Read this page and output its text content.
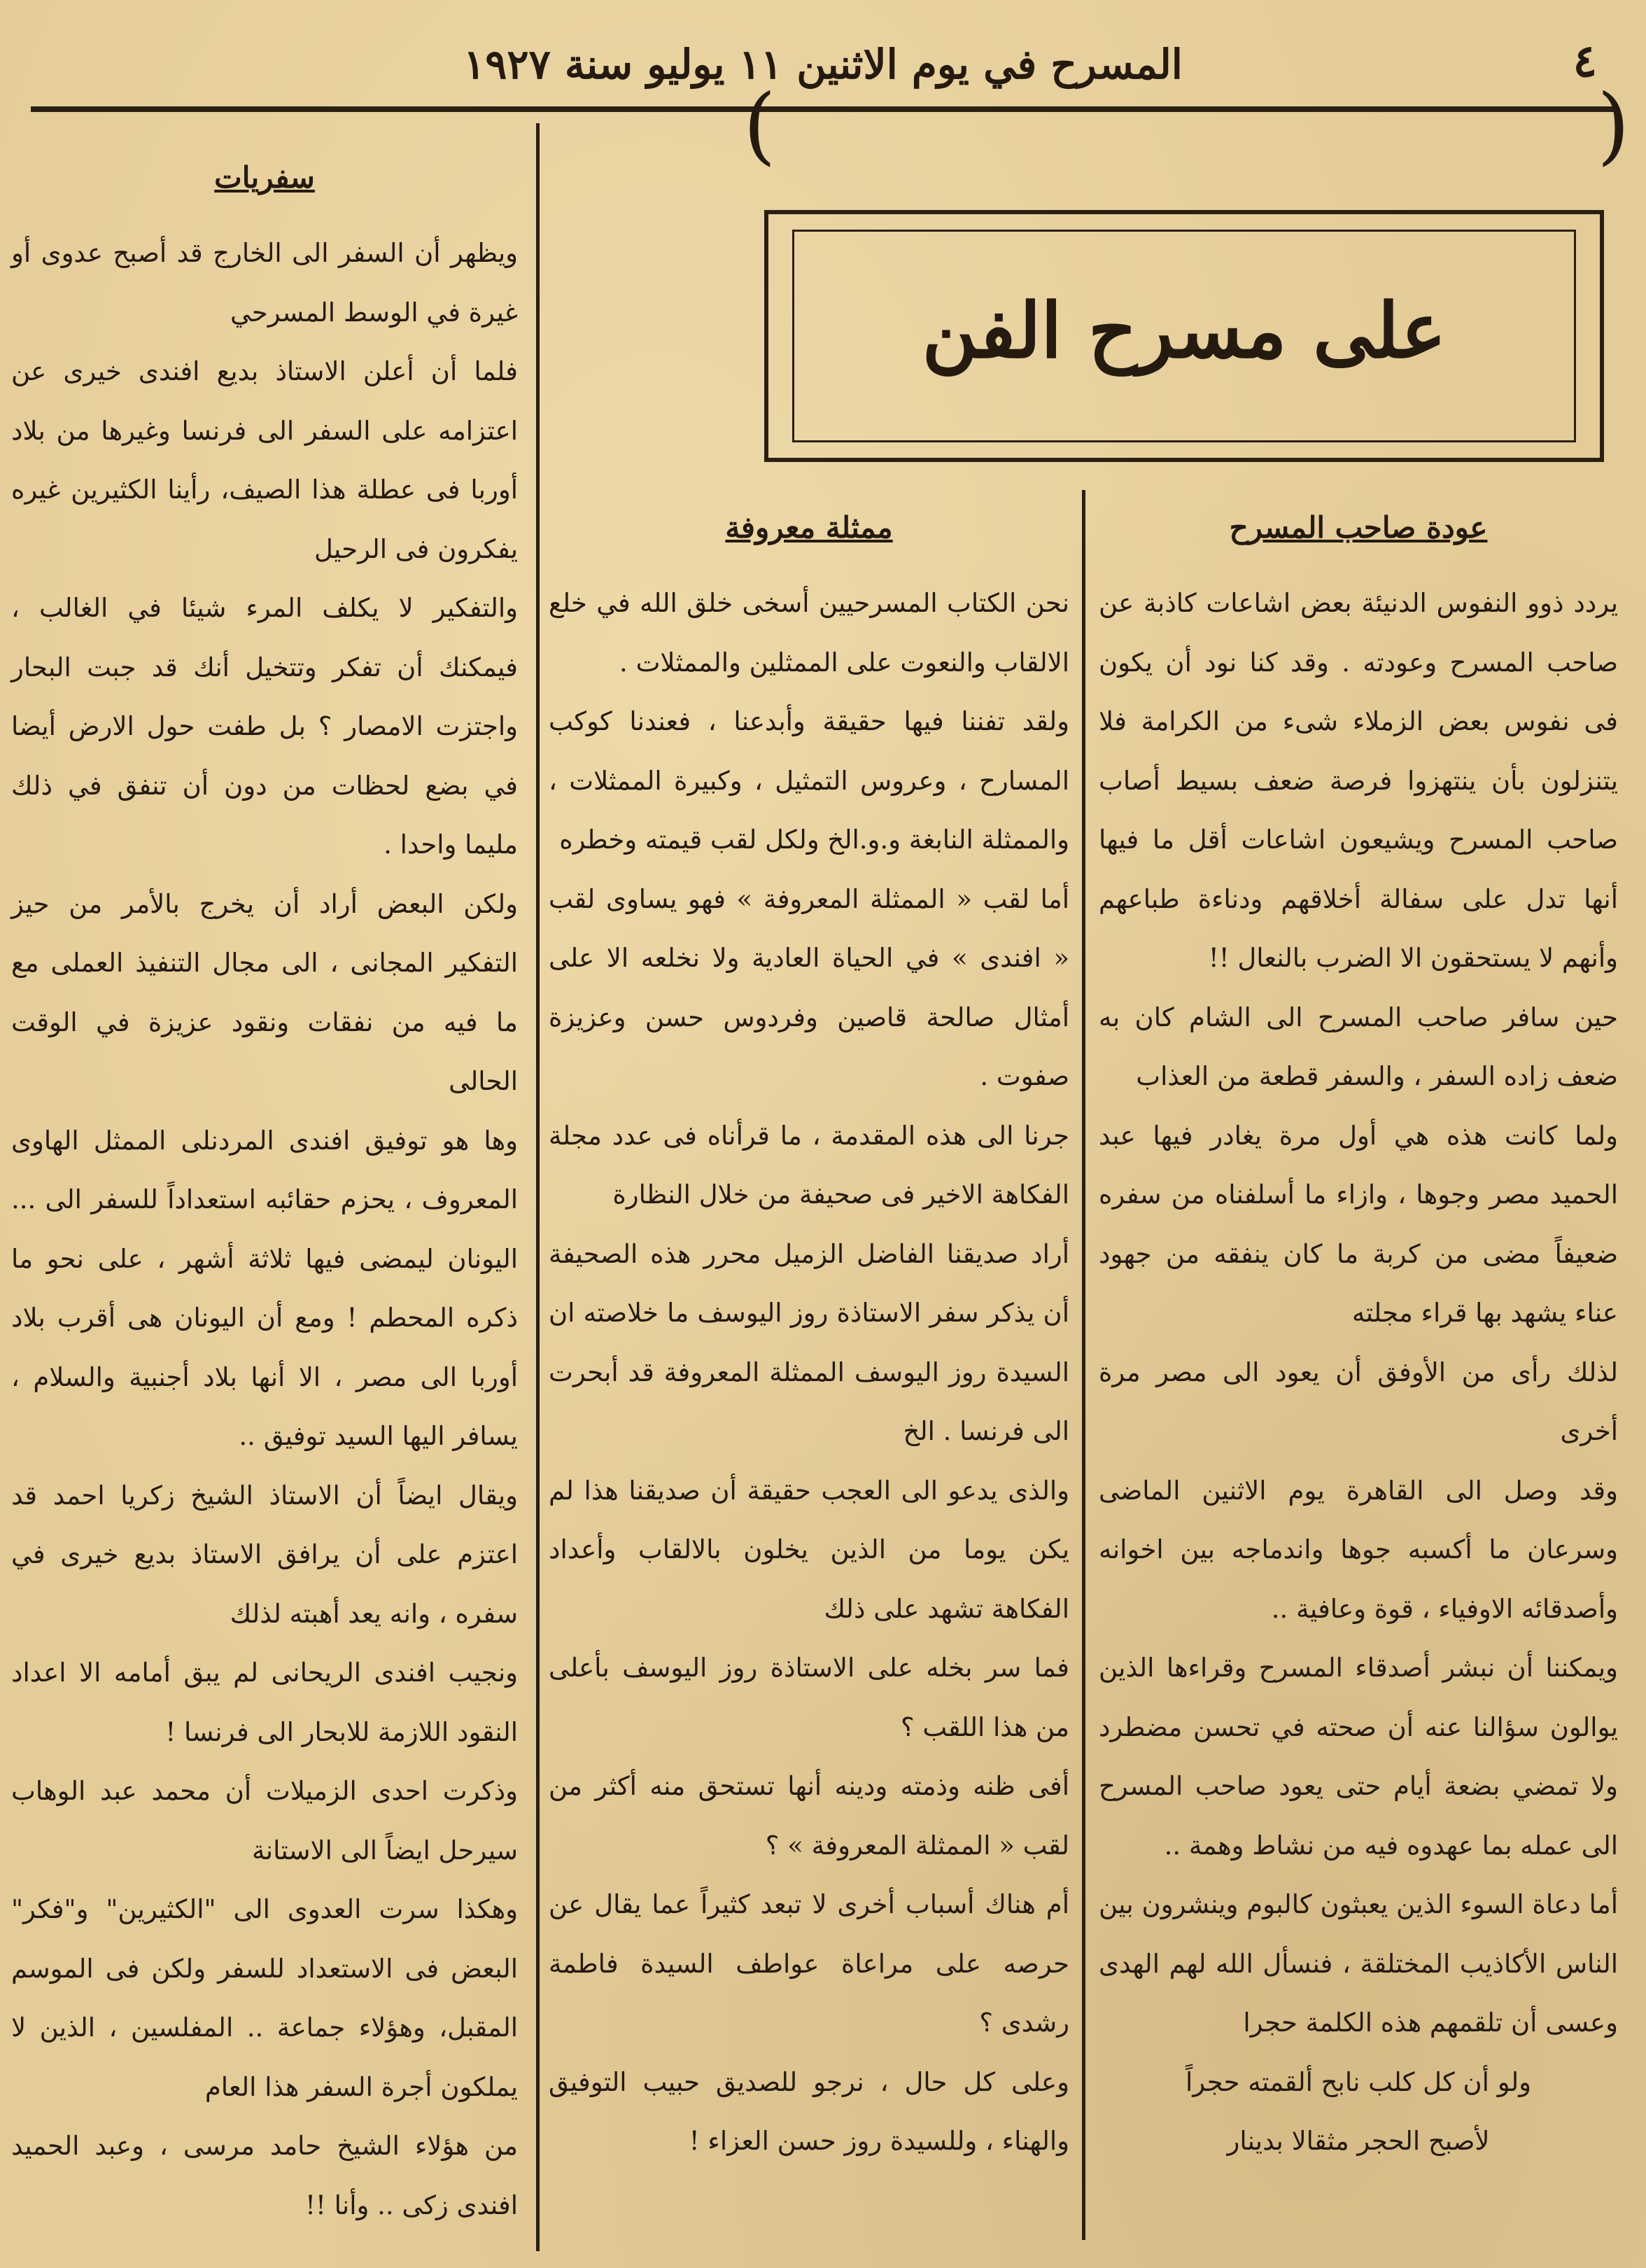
٤
المسرح في يوم الاثنين ١١ يوليو سنة ١٩٢٧
على مسرح الفن
(	)
سفريات

ويظهر أن السفر الى الخارج قد أصبح عدوى أو غيرة في الوسط المسرحي

فلما أن أعلن الاستاذ بديع افندى خيرى عن اعتزامه على السفر الى فرنسا وغيرها من بلاد أوربا فى عطلة هذا الصيف، رأينا الكثيرين غيره يفكرون فى الرحيل

والتفكير لا يكلف المرء شيئا في الغالب ، فيمكنك أن تفكر وتتخيل أنك قد جبت البحار واجتزت الامصار ؟ بل طفت حول الارض أيضا في بضع لحظات من دون أن تنفق في ذلك مليما واحدا .

ولكن البعض أراد أن يخرج بالأمر من حيز التفكير المجانى ، الى مجال التنفيذ العملى مع ما فيه من نفقات ونقود عزيزة في الوقت الحالى

وها هو توفيق افندى المردنلى الممثل الهاوى المعروف ، يحزم حقائبه استعداداً للسفر الى ... اليونان ليمضى فيها ثلاثة أشهر ، على نحو ما ذكره المحطم ! ومع أن اليونان هى أقرب بلاد أوربا الى مصر ، الا أنها بلاد أجنبية والسلام ، يسافر اليها السيد توفيق ..

ويقال ايضاً أن الاستاذ الشيخ زكريا احمد قد اعتزم على أن يرافق الاستاذ بديع خيرى في سفره ، وانه يعد أهبته لذلك

ونجيب افندى الريحانى لم يبق أمامه الا اعداد النقود اللازمة للابحار الى فرنسا !

وذكرت احدى الزميلات أن محمد عبد الوهاب سيرحل ايضاً الى الاستانة

وهكذا سرت العدوى الى "الكثيرين" و"فكر" البعض فى الاستعداد للسفر ولكن فى الموسم المقبل، وهؤلاء جماعة .. المفلسين ، الذين لا يملكون أجرة السفر هذا العام

من هؤلاء الشيخ حامد مرسى ، وعبد الحميد افندى زكى .. وأنا !!

ممثلة معروفة

نحن الكتاب المسرحيين أسخى خلق الله في خلع الالقاب والنعوت على الممثلين والممثلات .

ولقد تفننا فيها حقيقة وأبدعنا ، فعندنا كوكب المسارح ، وعروس التمثيل ، وكبيرة الممثلات ، والممثلة النابغة و.و.الخ ولكل لقب قيمته وخطره

أما لقب « الممثلة المعروفة » فهو يساوى لقب « افندى » في الحياة العادية ولا نخلعه الا على أمثال صالحة قاصين وفردوس حسن وعزيزة صفوت .

جرنا الى هذه المقدمة ، ما قرأناه فى عدد مجلة الفكاهة الاخير فى صحيفة من خلال النظارة

أراد صديقنا الفاضل الزميل محرر هذه الصحيفة أن يذكر سفر الاستاذة روز اليوسف ما خلاصته ان السيدة روز اليوسف الممثلة المعروفة قد أبحرت الى فرنسا . الخ

والذى يدعو الى العجب حقيقة أن صديقنا هذا لم يكن يوما من الذين يخلون بالالقاب وأعداد الفكاهة تشهد على ذلك

فما سر بخله على الاستاذة روز اليوسف بأعلى من هذا اللقب ؟

أفى ظنه وذمته ودينه أنها تستحق منه أكثر من لقب « الممثلة المعروفة » ؟

أم هناك أسباب أخرى لا تبعد كثيراً عما يقال عن حرصه على مراعاة عواطف السيدة فاطمة رشدى ؟

وعلى كل حال ، نرجو للصديق حبيب التوفيق والهناء ، وللسيدة روز حسن العزاء !

عودة صاحب المسرح

يردد ذوو النفوس الدنيئة بعض اشاعات كاذبة عن صاحب المسرح وعودته . وقد كنا نود أن يكون فى نفوس بعض الزملاء شىء من الكرامة فلا يتنزلون بأن ينتهزوا فرصة ضعف بسيط أصاب صاحب المسرح ويشيعون اشاعات أقل ما فيها أنها تدل على سفالة أخلاقهم ودناءة طباعهم وأنهم لا يستحقون الا الضرب بالنعال !!

حين سافر صاحب المسرح الى الشام كان به ضعف زاده السفر ، والسفر قطعة من العذاب

ولما كانت هذه هي أول مرة يغادر فيها عبد الحميد مصر وجوها ، وازاء ما أسلفناه من سفره ضعيفاً مضى من كربة ما كان ينفقه من جهود عناء يشهد بها قراء مجلته

لذلك رأى من الأوفق أن يعود الى مصر مرة أخرى

وقد وصل الى القاهرة يوم الاثنين الماضى وسرعان ما أكسبه جوها واندماجه بين اخوانه وأصدقائه الاوفياء ، قوة وعافية ..

ويمكننا أن نبشر أصدقاء المسرح وقراءها الذين يوالون سؤالنا عنه أن صحته في تحسن مضطرد ولا تمضي بضعة أيام حتى يعود صاحب المسرح الى عمله بما عهدوه فيه من نشاط وهمة ..

أما دعاة السوء الذين يعبثون كالبوم وينشرون بين الناس الأكاذيب المختلقة ، فنسأل الله لهم الهدى وعسى أن تلقمهم هذه الكلمة حجرا

ولو أن كل كلب نابح ألقمته حجراً

لأصبح الحجر مثقالا بدينار
